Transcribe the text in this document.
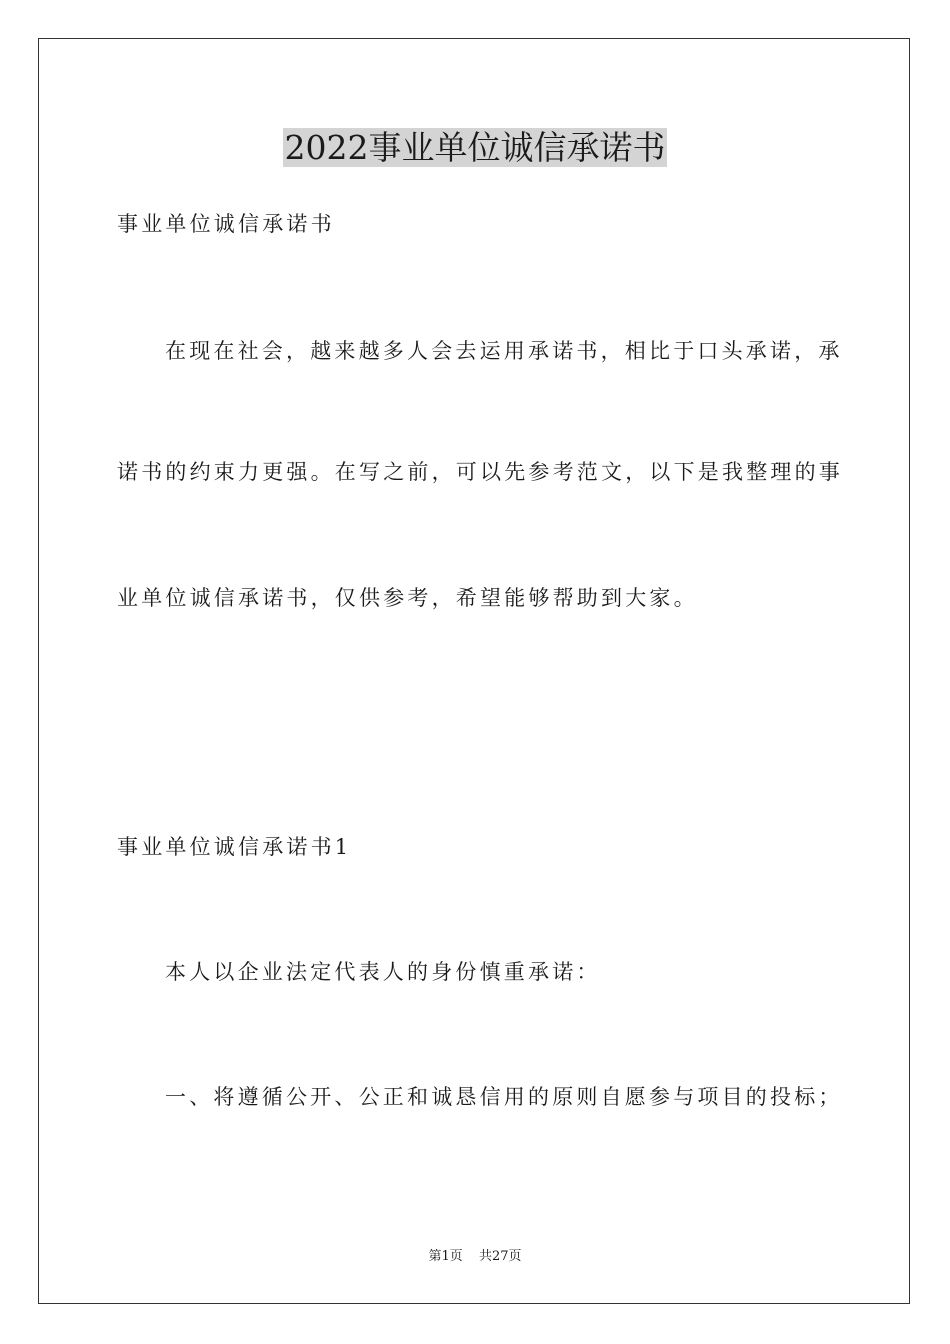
2022事业单位诚信承诺书
事业单位诚信承诺书
在现在社会，越来越多人会去运用承诺书，相比于口头承诺，承
诺书的约束力更强。在写之前，可以先参考范文，以下是我整理的事
业单位诚信承诺书，仅供参考，希望能够帮助到大家。
事业单位诚信承诺书1
本人以企业法定代表人的身份慎重承诺：
一、将遵循公开、公正和诚恳信用的原则自愿参与项目的投标；
第1页 共27页
